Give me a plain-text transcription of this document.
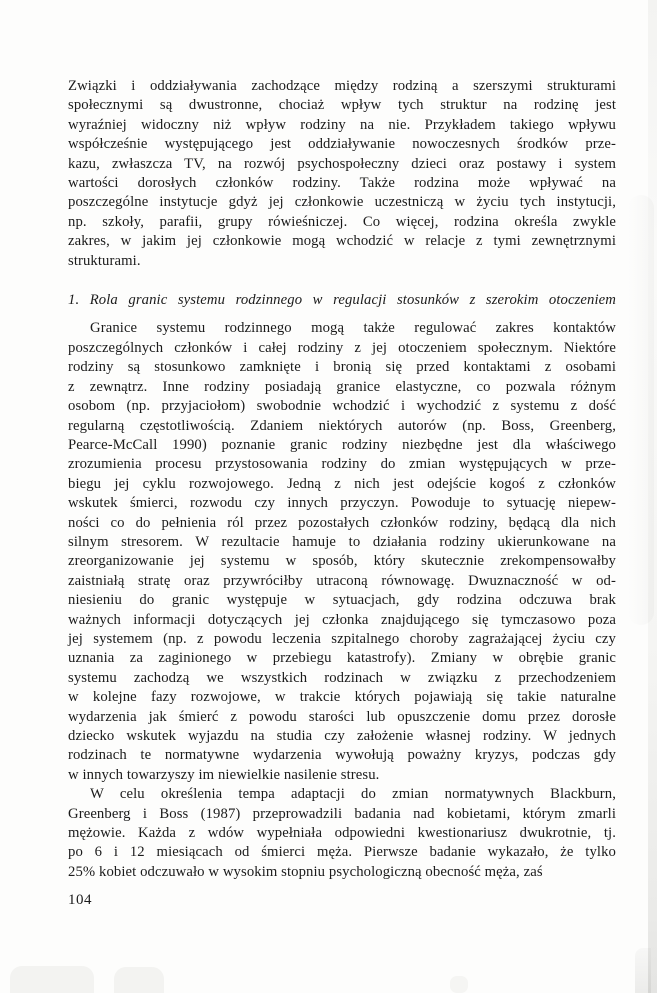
Związki i oddziaływania zachodzące między rodziną a szerszymi strukturami
społecznymi są dwustronne, chociaż wpływ tych struktur na rodzinę jest
wyraźniej widoczny niż wpływ rodziny na nie. Przykładem takiego wpływu
współcześnie występującego jest oddziaływanie nowoczesnych środków prze-
kazu, zwłaszcza TV, na rozwój psychospołeczny dzieci oraz postawy i system
wartości dorosłych członków rodziny. Także rodzina może wpływać na
poszczególne instytucje gdyż jej członkowie uczestniczą w życiu tych instytucji,
np. szkoły, parafii, grupy rówieśniczej. Co więcej, rodzina określa zwykle
zakres, w jakim jej członkowie mogą wchodzić w relacje z tymi zewnętrznymi
strukturami.
1. Rola granic systemu rodzinnego w regulacji stosunków z szerokim otoczeniem
Granice systemu rodzinnego mogą także regulować zakres kontaktów
poszczególnych członków i całej rodziny z jej otoczeniem społecznym. Niektóre
rodziny są stosunkowo zamknięte i bronią się przed kontaktami z osobami
z zewnątrz. Inne rodziny posiadają granice elastyczne, co pozwala różnym
osobom (np. przyjaciołom) swobodnie wchodzić i wychodzić z systemu z dość
regularną częstotliwością. Zdaniem niektórych autorów (np. Boss, Greenberg,
Pearce-McCall 1990) poznanie granic rodziny niezbędne jest dla właściwego
zrozumienia procesu przystosowania rodziny do zmian występujących w prze-
biegu jej cyklu rozwojowego. Jedną z nich jest odejście kogoś z członków
wskutek śmierci, rozwodu czy innych przyczyn. Powoduje to sytuację niepew-
ności co do pełnienia ról przez pozostałych członków rodziny, będącą dla nich
silnym stresorem. W rezultacie hamuje to działania rodziny ukierunkowane na
zreorganizowanie jej systemu w sposób, który skutecznie zrekompensowałby
zaistniałą stratę oraz przywróciłby utraconą równowagę. Dwuznaczność w od-
niesieniu do granic występuje w sytuacjach, gdy rodzina odczuwa brak
ważnych informacji dotyczących jej członka znajdującego się tymczasowo poza
jej systemem (np. z powodu leczenia szpitalnego choroby zagrażającej życiu czy
uznania za zaginionego w przebiegu katastrofy). Zmiany w obrębie granic
systemu zachodzą we wszystkich rodzinach w związku z przechodzeniem
w kolejne fazy rozwojowe, w trakcie których pojawiają się takie naturalne
wydarzenia jak śmierć z powodu starości lub opuszczenie domu przez dorosłe
dziecko wskutek wyjazdu na studia czy założenie własnej rodziny. W jednych
rodzinach te normatywne wydarzenia wywołują poważny kryzys, podczas gdy
w innych towarzyszy im niewielkie nasilenie stresu.
W celu określenia tempa adaptacji do zmian normatywnych Blackburn,
Greenberg i Boss (1987) przeprowadzili badania nad kobietami, którym zmarli
mężowie. Każda z wdów wypełniała odpowiedni kwestionariusz dwukrotnie, tj.
po 6 i 12 miesiącach od śmierci męża. Pierwsze badanie wykazało, że tylko
25% kobiet odczuwało w wysokim stopniu psychologiczną obecność męża, zaś
104
